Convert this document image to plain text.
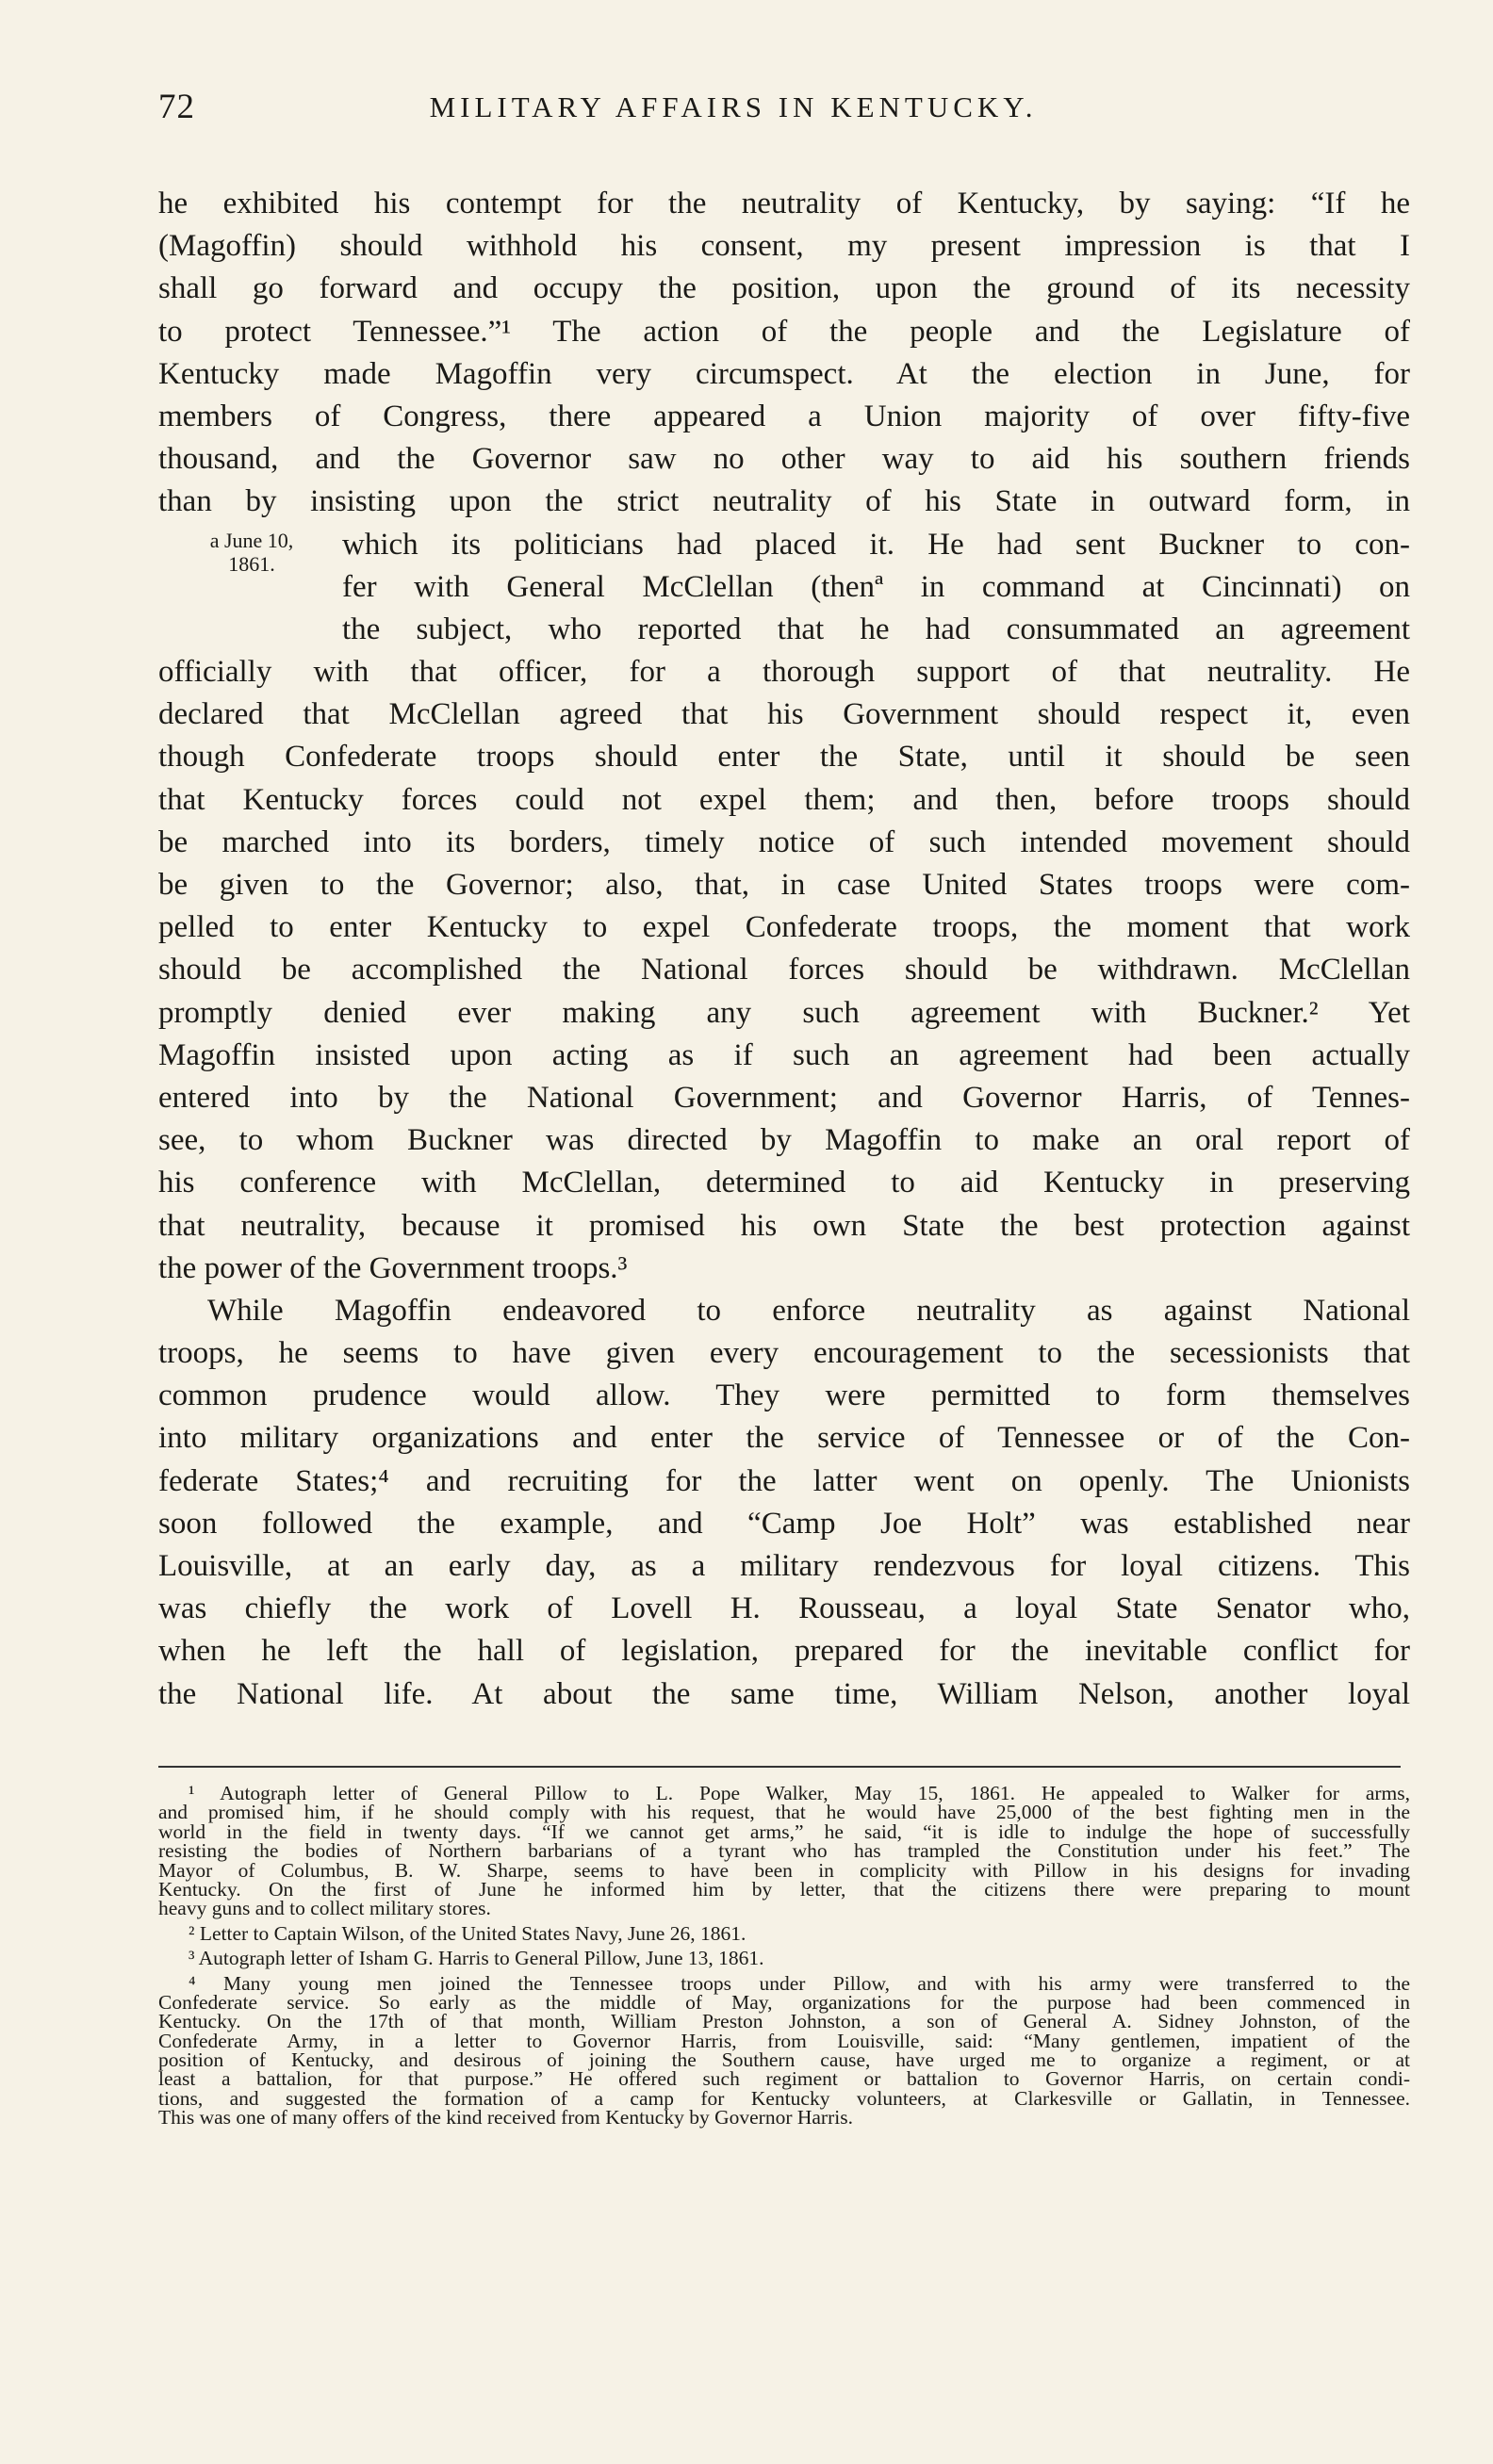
72	MILITARY AFFAIRS IN KENTUCKY.
a June 10,
1861.
he exhibited his contempt for the neutrality of Kentucky, by saying: “If he
(Magoffin) should withhold his consent, my present impression is that I
shall go forward and occupy the position, upon the ground of its necessity
to protect Tennessee.”¹ The action of the people and the Legislature of
Kentucky made Magoffin very circumspect. At the election in June, for
members of Congress, there appeared a Union majority of over fifty-five
thousand, and the Governor saw no other way to aid his southern friends
than by insisting upon the strict neutrality of his State in outward form, in
which its politicians had placed it. He had sent Buckner to con-
fer with General McClellan (thenª in command at Cincinnati) on
the subject, who reported that he had consummated an agreement
officially with that officer, for a thorough support of that neutrality. He
declared that McClellan agreed that his Government should respect it, even
though Confederate troops should enter the State, until it should be seen
that Kentucky forces could not expel them; and then, before troops should
be marched into its borders, timely notice of such intended movement should
be given to the Governor; also, that, in case United States troops were com-
pelled to enter Kentucky to expel Confederate troops, the moment that work
should be accomplished the National forces should be withdrawn. McClellan
promptly denied ever making any such agreement with Buckner.² Yet
Magoffin insisted upon acting as if such an agreement had been actually
entered into by the National Government; and Governor Harris, of Tennes-
see, to whom Buckner was directed by Magoffin to make an oral report of
his conference with McClellan, determined to aid Kentucky in preserving
that neutrality, because it promised his own State the best protection against
the power of the Government troops.³
While Magoffin endeavored to enforce neutrality as against National
troops, he seems to have given every encouragement to the secessionists that
common prudence would allow. They were permitted to form themselves
into military organizations and enter the service of Tennessee or of the Con-
federate States;⁴ and recruiting for the latter went on openly. The Unionists
soon followed the example, and “Camp Joe Holt” was established near
Louisville, at an early day, as a military rendezvous for loyal citizens. This
was chiefly the work of Lovell H. Rousseau, a loyal State Senator who,
when he left the hall of legislation, prepared for the inevitable conflict for
the National life. At about the same time, William Nelson, another loyal
¹ Autograph letter of General Pillow to L. Pope Walker, May 15, 1861. He appealed to Walker for arms,
and promised him, if he should comply with his request, that he would have 25,000 of the best fighting men in the
world in the field in twenty days. “If we cannot get arms,” he said, “it is idle to indulge the hope of successfully
resisting the bodies of Northern barbarians of a tyrant who has trampled the Constitution under his feet.” The
Mayor of Columbus, B. W. Sharpe, seems to have been in complicity with Pillow in his designs for invading
Kentucky. On the first of June he informed him by letter, that the citizens there were preparing to mount
heavy guns and to collect military stores.
² Letter to Captain Wilson, of the United States Navy, June 26, 1861.
³ Autograph letter of Isham G. Harris to General Pillow, June 13, 1861.
⁴ Many young men joined the Tennessee troops under Pillow, and with his army were transferred to the
Confederate service. So early as the middle of May, organizations for the purpose had been commenced in
Kentucky. On the 17th of that month, William Preston Johnston, a son of General A. Sidney Johnston, of the
Confederate Army, in a letter to Governor Harris, from Louisville, said: “Many gentlemen, impatient of the
position of Kentucky, and desirous of joining the Southern cause, have urged me to organize a regiment, or at
least a battalion, for that purpose.” He offered such regiment or battalion to Governor Harris, on certain condi-
tions, and suggested the formation of a camp for Kentucky volunteers, at Clarkesville or Gallatin, in Tennessee.
This was one of many offers of the kind received from Kentucky by Governor Harris.
